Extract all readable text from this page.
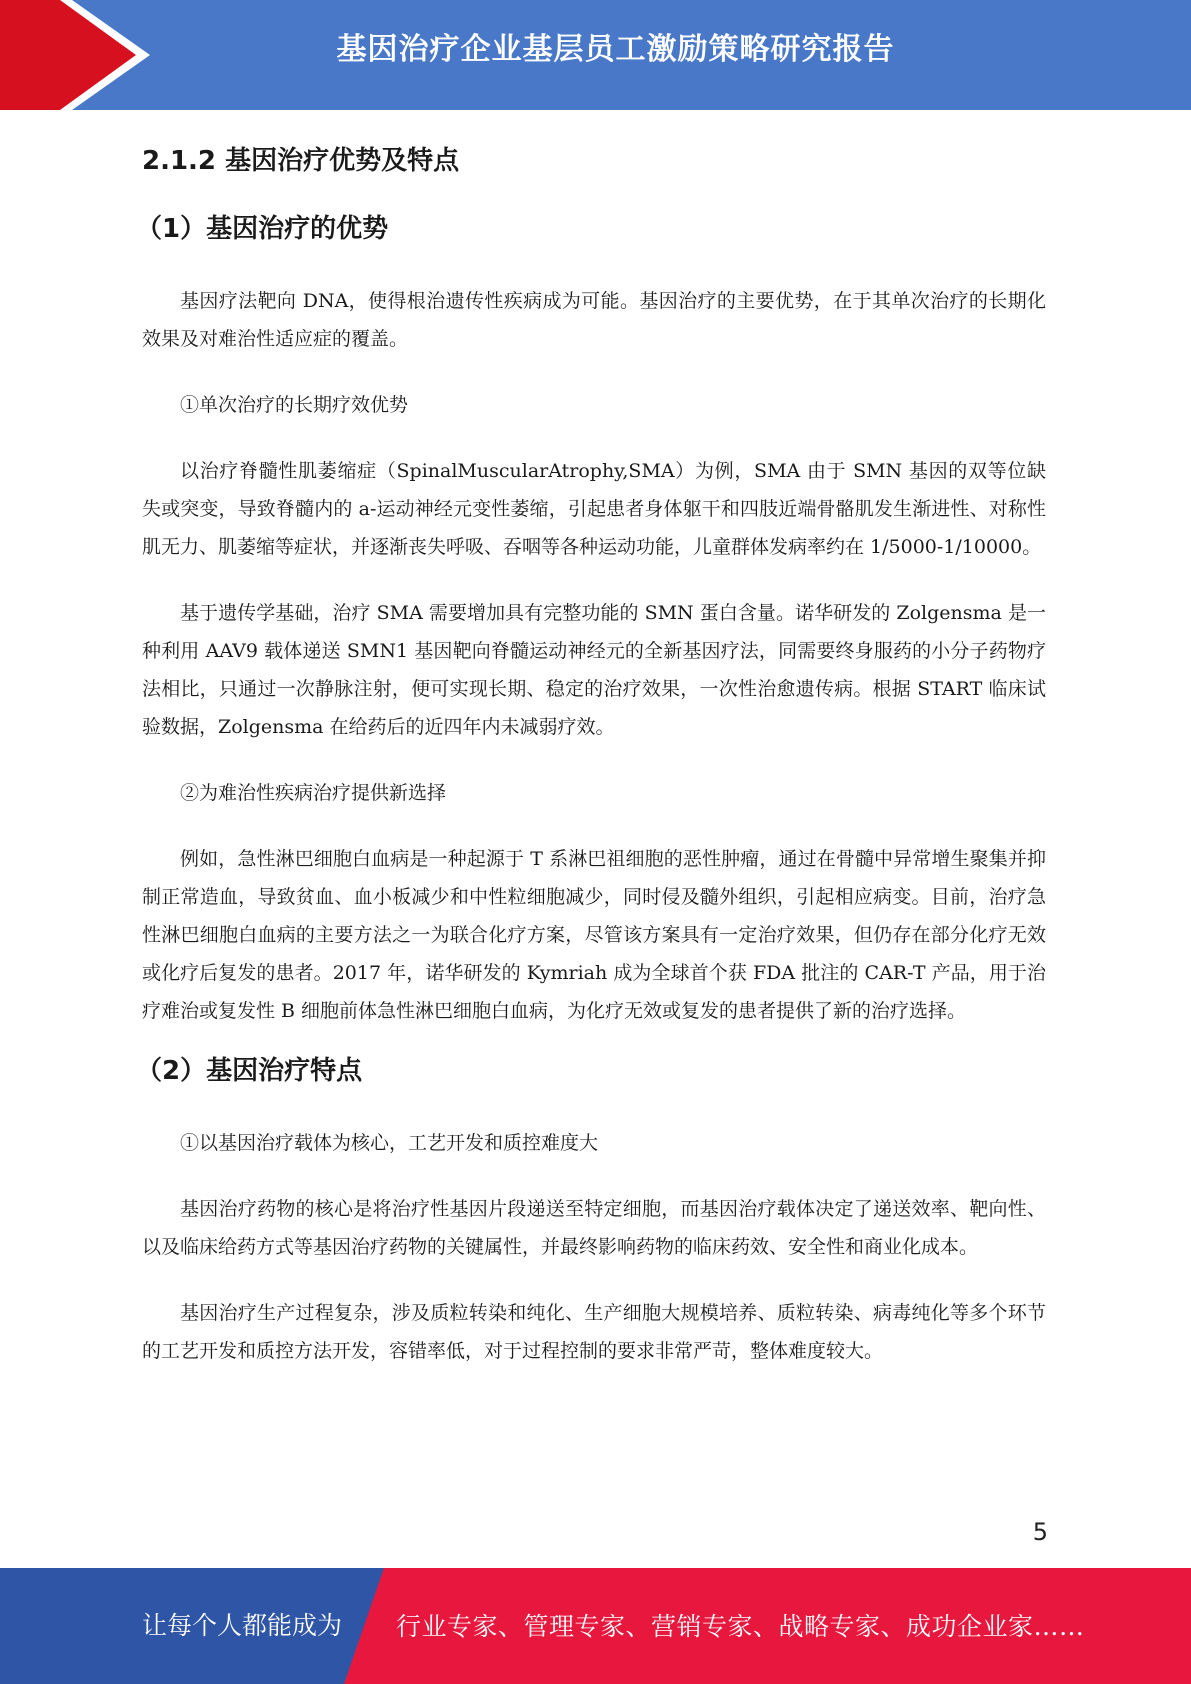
基因治疗企业基层员工激励策略研究报告
2.1.2 基因治疗优势及特点
（1）基因治疗的优势

基因疗法靶向 DNA，使得根治遗传性疾病成为可能。基因治疗的主要优势，在于其单次治疗的长期化效果及对难治性适应症的覆盖。

①单次治疗的长期疗效优势

以治疗脊髓性肌萎缩症（SpinalMuscularAtrophy,SMA）为例，SMA 由于 SMN 基因的双等位缺失或突变，导致脊髓内的 a-运动神经元变性萎缩，引起患者身体躯干和四肢近端骨骼肌发生渐进性、对称性肌无力、肌萎缩等症状，并逐渐丧失呼吸、吞咽等各种运动功能，儿童群体发病率约在 1/5000-1/10000。

基于遗传学基础，治疗 SMA 需要增加具有完整功能的 SMN 蛋白含量。诺华研发的 Zolgensma 是一种利用 AAV9 载体递送 SMN1 基因靶向脊髓运动神经元的全新基因疗法，同需要终身服药的小分子药物疗法相比，只通过一次静脉注射，便可实现长期、稳定的治疗效果，一次性治愈遗传病。根据 START 临床试验数据，Zolgensma 在给药后的近四年内未减弱疗效。

②为难治性疾病治疗提供新选择

例如，急性淋巴细胞白血病是一种起源于 T 系淋巴祖细胞的恶性肿瘤，通过在骨髓中异常增生聚集并抑制正常造血，导致贫血、血小板减少和中性粒细胞减少，同时侵及髓外组织，引起相应病变。目前，治疗急性淋巴细胞白血病的主要方法之一为联合化疗方案，尽管该方案具有一定治疗效果，但仍存在部分化疗无效或化疗后复发的患者。2017 年，诺华研发的 Kymriah 成为全球首个获 FDA 批注的 CAR-T 产品，用于治疗难治或复发性 B 细胞前体急性淋巴细胞白血病，为化疗无效或复发的患者提供了新的治疗选择。

（2）基因治疗特点

①以基因治疗载体为核心，工艺开发和质控难度大

基因治疗药物的核心是将治疗性基因片段递送至特定细胞，而基因治疗载体决定了递送效率、靶向性、以及临床给药方式等基因治疗药物的关键属性，并最终影响药物的临床药效、安全性和商业化成本。

基因治疗生产过程复杂，涉及质粒转染和纯化、生产细胞大规模培养、质粒转染、病毒纯化等多个环节的工艺开发和质控方法开发，容错率低，对于过程控制的要求非常严苛，整体难度较大。

5
让每个人都能成为 行业专家、管理专家、营销专家、战略专家、成功企业家……
